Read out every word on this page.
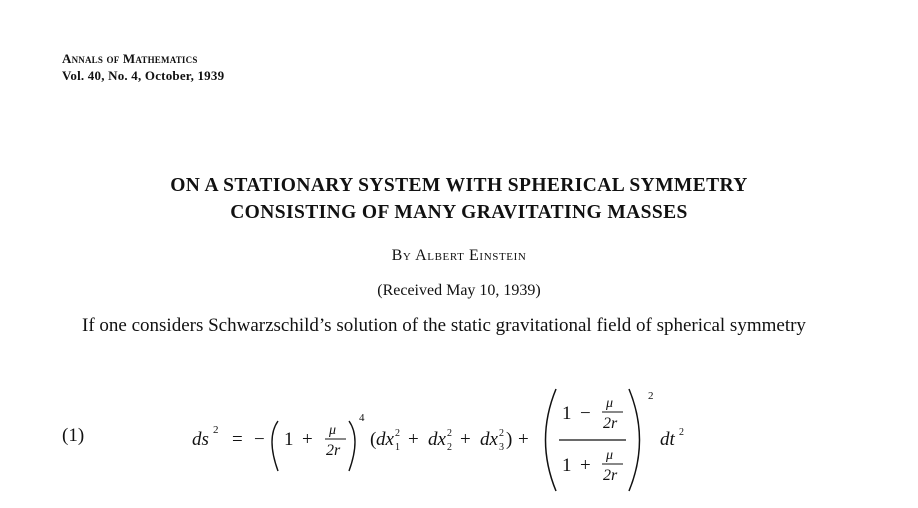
Annals of Mathematics
Vol. 40, No. 4, October, 1939
ON A STATIONARY SYSTEM WITH SPHERICAL SYMMETRY
CONSISTING OF MANY GRAVITATING MASSES
By Albert Einstein
(Received May 10, 1939)
If one considers Schwarzschild’s solution of the static gravitational field of spherical symmetry
(1)	ds 2 = − 1 + μ
2r
4
( dx 2
1 + dx 2
2 + dx 2
3 ) +
1 − μ
2r
1 + μ
2r
2
dt 2
